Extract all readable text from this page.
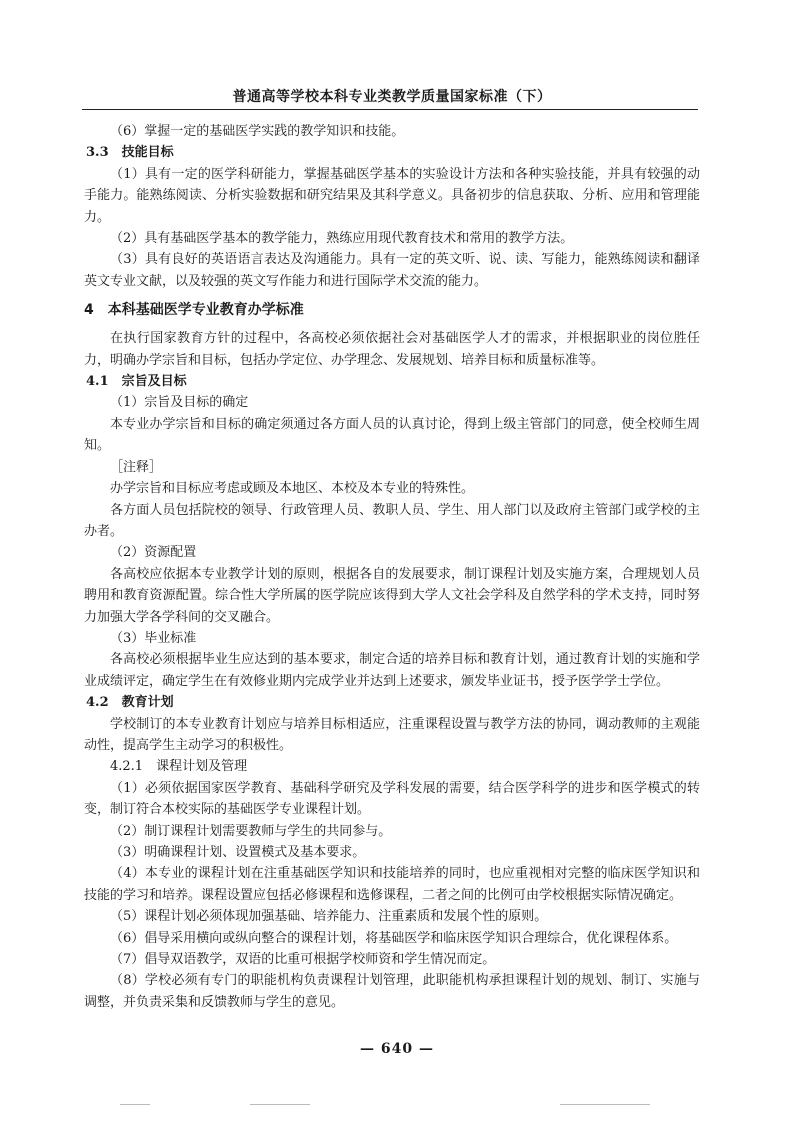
普通高等学校本科专业类教学质量国家标准（下）

（6）掌握一定的基础医学实践的教学知识和技能。

3.3　技能目标

（1）具有一定的医学科研能力，掌握基础医学基本的实验设计方法和各种实验技能，并具有较强的动手能力。能熟练阅读、分析实验数据和研究结果及其科学意义。具备初步的信息获取、分析、应用和管理能力。

（2）具有基础医学基本的教学能力，熟练应用现代教育技术和常用的教学方法。

（3）具有良好的英语语言表达及沟通能力。具有一定的英文听、说、读、写能力，能熟练阅读和翻译英文专业文献，以及较强的英文写作能力和进行国际学术交流的能力。

4　本科基础医学专业教育办学标准

在执行国家教育方针的过程中，各高校必须依据社会对基础医学人才的需求，并根据职业的岗位胜任力，明确办学宗旨和目标，包括办学定位、办学理念、发展规划、培养目标和质量标准等。

4.1　宗旨及目标

（1）宗旨及目标的确定

本专业办学宗旨和目标的确定须通过各方面人员的认真讨论，得到上级主管部门的同意，使全校师生周知。

［注释］

办学宗旨和目标应考虑或顾及本地区、本校及本专业的特殊性。

各方面人员包括院校的领导、行政管理人员、教职人员、学生、用人部门以及政府主管部门或学校的主办者。

（2）资源配置

各高校应依据本专业教学计划的原则，根据各自的发展要求，制订课程计划及实施方案，合理规划人员聘用和教育资源配置。综合性大学所属的医学院应该得到大学人文社会学科及自然学科的学术支持，同时努力加强大学各学科间的交叉融合。

（3）毕业标准

各高校必须根据毕业生应达到的基本要求，制定合适的培养目标和教育计划，通过教育计划的实施和学业成绩评定，确定学生在有效修业期内完成学业并达到上述要求，颁发毕业证书，授予医学学士学位。

4.2　教育计划

学校制订的本专业教育计划应与培养目标相适应，注重课程设置与教学方法的协同，调动教师的主观能动性，提高学生主动学习的积极性。

4.2.1　课程计划及管理

（1）必须依据国家医学教育、基础科学研究及学科发展的需要，结合医学科学的进步和医学模式的转变，制订符合本校实际的基础医学专业课程计划。

（2）制订课程计划需要教师与学生的共同参与。

（3）明确课程计划、设置模式及基本要求。

（4）本专业的课程计划在注重基础医学知识和技能培养的同时，也应重视相对完整的临床医学知识和技能的学习和培养。课程设置应包括必修课程和选修课程，二者之间的比例可由学校根据实际情况确定。

（5）课程计划必须体现加强基础、培养能力、注重素质和发展个性的原则。

（6）倡导采用横向或纵向整合的课程计划，将基础医学和临床医学知识合理综合，优化课程体系。

（7）倡导双语教学，双语的比重可根据学校师资和学生情况而定。

（8）学校必须有专门的职能机构负责课程计划管理，此职能机构承担课程计划的规划、制订、实施与调整，并负责采集和反馈教师与学生的意见。

— 640 —
